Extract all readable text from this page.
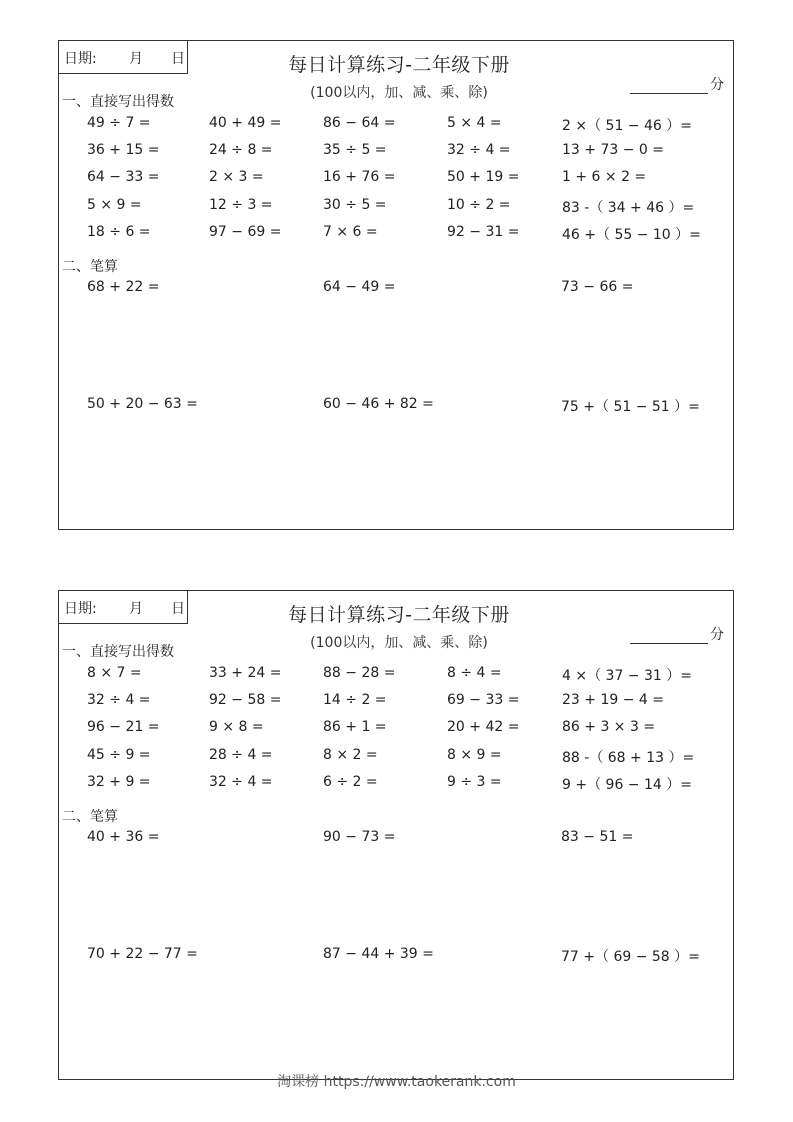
日期: 月 日	每日计算练习-二年级下册
(100以内，加、减、乘、除)	分
一、直接写出得数
二、笔算
49 ÷ 7 =	40 + 49 =	86 − 64 =	5 × 4 =	2 ×（ 51 − 46 ）=
36 + 15 =	24 ÷ 8 =	35 ÷ 5 =	32 ÷ 4 =	13 + 73 − 0 =
64 − 33 =	2 × 3 =	16 + 76 =	50 + 19 =	1 + 6 × 2 =
5 × 9 =	12 ÷ 3 =	30 ÷ 5 =	10 ÷ 2 =	83 -（ 34 + 46 ）=
18 ÷ 6 =	97 − 69 =	7 × 6 =	92 − 31 =	46 +（ 55 − 10 ）=
68 + 22 =	64 − 49 =	73 − 66 =
50 + 20 − 63 =	60 − 46 + 82 =	75 +（ 51 − 51 ）=
日期: 月 日	每日计算练习-二年级下册
(100以内，加、减、乘、除)	分
一、直接写出得数
二、笔算
8 × 7 =	33 + 24 =	88 − 28 =	8 ÷ 4 =	4 ×（ 37 − 31 ）=
32 ÷ 4 =	92 − 58 =	14 ÷ 2 =	69 − 33 =	23 + 19 − 4 =
96 − 21 =	9 × 8 =	86 + 1 =	20 + 42 =	86 + 3 × 3 =
45 ÷ 9 =	28 ÷ 4 =	8 × 2 =	8 × 9 =	88 -（ 68 + 13 ）=
32 + 9 =	32 ÷ 4 =	6 ÷ 2 =	9 ÷ 3 =	9 +（ 96 − 14 ）=
40 + 36 =	90 − 73 =	83 − 51 =
70 + 22 − 77 =	87 − 44 + 39 =	77 +（ 69 − 58 ）=
淘课榜 https://www.taokerank.com
